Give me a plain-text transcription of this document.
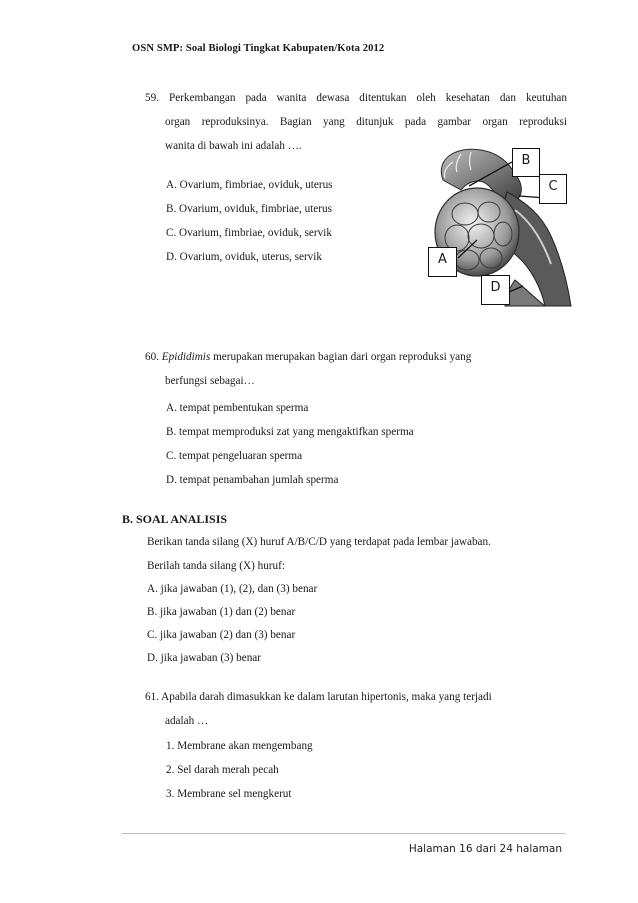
OSN SMP: Soal Biologi Tingkat Kabupaten/Kota 2012
59. Perkembangan pada wanita dewasa ditentukan oleh kesehatan dan keutuhan
organ reproduksinya. Bagian yang ditunjuk pada gambar organ reproduksi
wanita di bawah ini adalah ….
A. Ovarium, fimbriae, oviduk, uterus
B. Ovarium, oviduk, fimbriae, uterus
C. Ovarium, fimbriae, oviduk, servik
D. Ovarium, oviduk, uterus, servik
B
C
A
D
60. Epididimis merupakan merupakan bagian dari organ reproduksi yang
berfungsi sebagai…
A. tempat pembentukan sperma
B. tempat memproduksi zat yang mengaktifkan sperma
C. tempat pengeluaran sperma
D. tempat penambahan jumlah sperma
B. SOAL ANALISIS
Berikan tanda silang (X) huruf A/B/C/D yang terdapat pada lembar jawaban.
Berilah tanda silang (X) huruf:
A. jika jawaban (1), (2), dan (3) benar
B. jika jawaban (1) dan (2) benar
C. jika jawaban (2) dan (3) benar
D. jika jawaban (3) benar
61. Apabila darah dimasukkan ke dalam larutan hipertonis, maka yang terjadi
adalah …
1. Membrane akan mengembang
2. Sel darah merah pecah
3. Membrane sel mengkerut
Halaman 16 dari 24 halaman
